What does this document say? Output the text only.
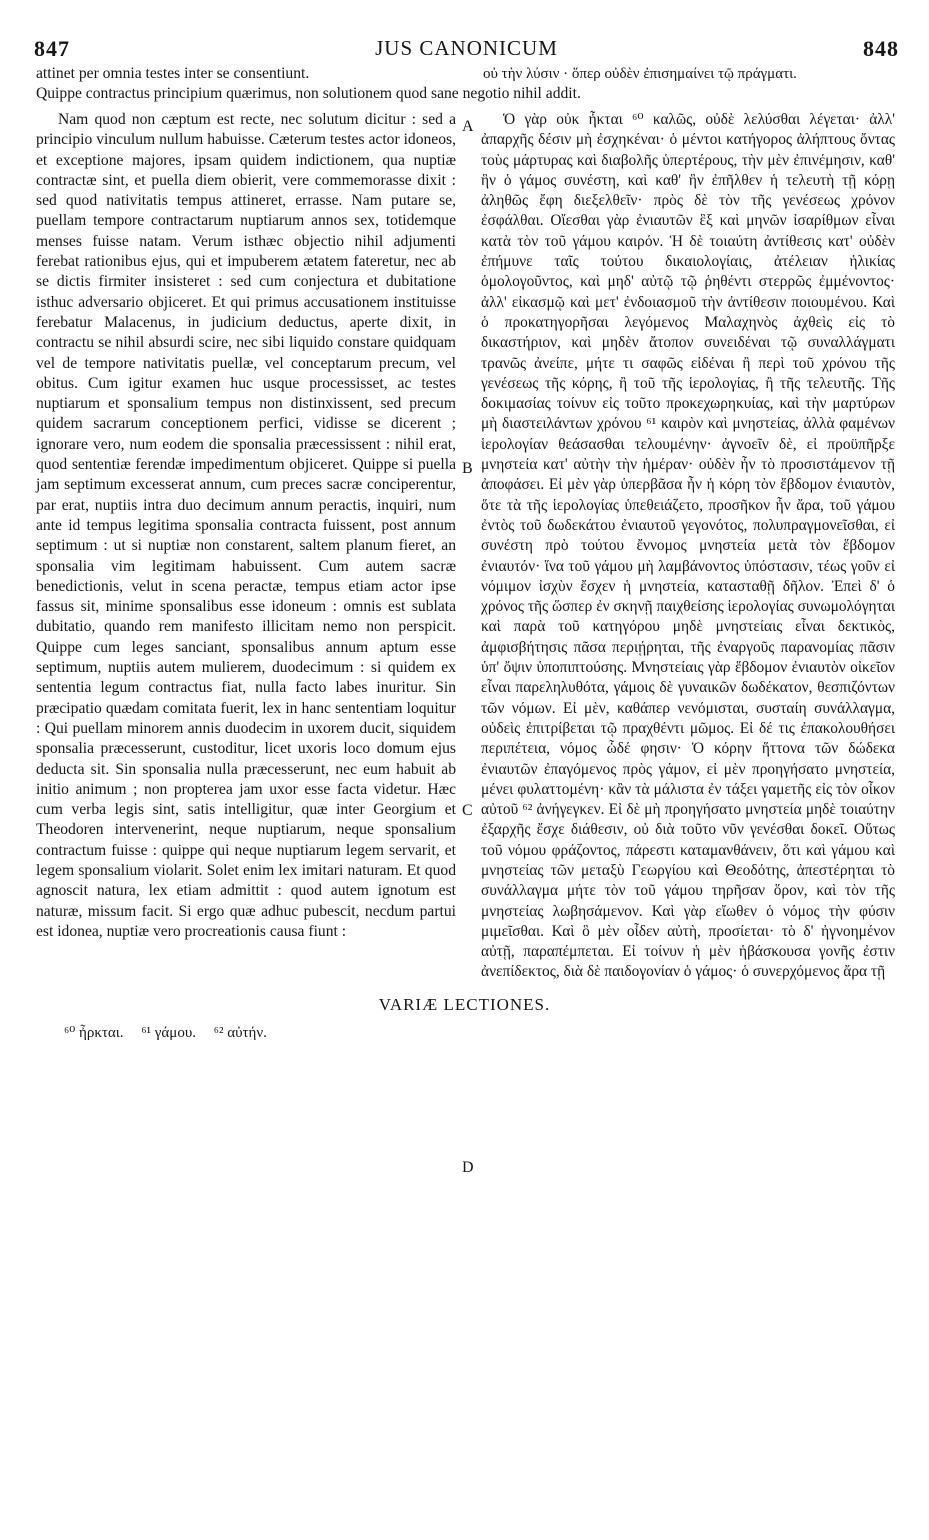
847	JUS CANONICUM	848
attinet per omnia testes inter se consentiunt.	οὐ τὴν λύσιν · ὅπερ οὐδὲν ἐπισημαίνει τῷ πράγματι.
Quippe contractus principium quærimus, non solutionem quod sane negotio nihil addit.

Nam quod non cæptum est recte, nec solutum dicitur : sed a principio vinculum nullum habuisse. Cæterum testes actor idoneos, et exceptione majores, ipsam quidem indictionem, qua nuptiæ contractæ sint, et puella diem obierit, vere commemorasse dixit : sed quod nativitatis tempus attineret, errasse. Nam putare se, puellam tempore contractarum nuptiarum annos sex, totidemque menses fuisse natam. Verum isthæc objectio nihil adjumenti ferebat rationibus ejus, qui et impuberem ætatem fateretur, nec ab se dictis firmiter insisteret : sed cum conjectura et dubitatione isthuc adversario objiceret. Et qui primus accusationem instituisse ferebatur Malacenus, in judicium deductus, aperte dixit, in contractu se nihil absurdi scire, nec sibi liquido constare quidquam vel de tempore nativitatis puellæ, vel conceptarum precum, vel obitus. Cum igitur examen huc usque processisset, ac testes nuptiarum et sponsalium tempus non distinxissent, sed precum quidem sacrarum conceptionem perfici, vidisse se dicerent ; ignorare vero, num eodem die sponsalia præcessissent : nihil erat, quod sententiæ ferendæ impedimentum objiceret. Quippe si puella jam septimum excesserat annum, cum preces sacræ conciperentur, par erat, nuptiis intra duo decimum annum peractis, inquiri, num ante id tempus legitima sponsalia contracta fuissent, post annum septimum : ut si nuptiæ non constarent, saltem planum fieret, an sponsalia vim legitimam habuissent. Cum autem sacræ benedictionis, velut in scena peractæ, tempus etiam actor ipse fassus sit, minime sponsalibus esse idoneum : omnis est sublata dubitatio, quando rem manifesto illicitam nemo non perspicit. Quippe cum leges sanciant, sponsalibus annum aptum esse septimum, nuptiis autem mulierem, duodecimum : si quidem ex sententia legum contractus fiat, nulla facto labes inuritur. Sin præcipatio quædam comitata fuerit, lex in hanc sententiam loquitur : Qui puellam minorem annis duodecim in uxorem ducit, siquidem sponsalia præcesserunt, custoditur, licet uxoris loco domum ejus deducta sit. Sin sponsalia nulla præcesserunt, nec eum habuit ab initio animum ; non propterea jam uxor esse facta videtur. Hæc cum verba legis sint, satis intelligitur, quæ inter Georgium et Theodoren intervenerint, neque nuptiarum, neque sponsalium contractum fuisse : quippe qui neque nuptiarum legem servarit, et legem sponsalium violarit. Solet enim lex imitari naturam. Et quod agnoscit natura, lex etiam admittit : quod autem ignotum est naturæ, missum facit. Si ergo quæ adhuc pubescit, necdum partui est idonea, nuptiæ vero procreationis causa fiunt :

Ὁ γὰρ οὐκ ἦκται ⁶⁰ καλῶς, οὐδὲ λελύσθαι λέγεται· ἀλλ' ἀπαρχῆς δέσιν μὴ ἐσχηκέναι· ὁ μέντοι κατήγορος ἀλήπτους ὄντας τοὺς μάρτυρας καὶ διαβολῆς ὑπερτέρους, τὴν μὲν ἐπινέμησιν, καθ' ἣν ὁ γάμος συνέστη, καὶ καθ' ἣν ἐπῆλθεν ἡ τελευτὴ τῇ κόρῃ ἀληθῶς ἔφη διεξελθεῖν· πρὸς δὲ τὸν τῆς γενέσεως χρόνον ἐσφάλθαι. Οἴεσθαι γὰρ ἐνιαυτῶν ἓξ καὶ μηνῶν ἰσαρίθμων εἶναι κατὰ τὸν τοῦ γάμου καιρόν. Ἡ δὲ τοιαύτη ἀντίθεσις κατ' οὐδὲν ἐπήμυνε ταῖς τούτου δικαιολογίαις, ἀτέλειαν ἡλικίας ὁμολογοῦντος, καὶ μηδ' αὐτῷ τῷ ῥηθέντι στερρῶς ἐμμένοντος· ἀλλ' εἰκασμῷ καὶ μετ' ἐνδοιασμοῦ τὴν ἀντίθεσιν ποιουμένου. Καὶ ὁ προκατηγορῆσαι λεγόμενος Μαλαχηνὸς ἀχθεὶς εἰς τὸ δικαστήριον, καὶ μηδὲν ἄτοπον συνειδέναι τῷ συναλλάγματι τρανῶς ἀνείπε, μήτε τι σαφῶς εἰδέναι ἢ περὶ τοῦ χρόνου τῆς γενέσεως τῆς κόρης, ἢ τοῦ τῆς ἱερολογίας, ἢ τῆς τελευτῆς. Τῆς δοκιμασίας τοίνυν εἰς τοῦτο προκεχωρηκυίας, καὶ τὴν μαρτύρων μὴ διαστειλάντων χρόνου ⁶¹ καιρὸν καὶ μνηστείας, ἀλλὰ φαμένων ἱερολογίαν θεάσασθαι τελουμένην· ἀγνοεῖν δὲ, εἰ προϋπῆρξε μνηστεία κατ' αὐτὴν τὴν ἡμέραν· οὐδὲν ἦν τὸ προσιστάμενον τῇ ἀποφάσει. Εἰ μὲν γὰρ ὑπερβᾶσα ἦν ἡ κόρη τὸν ἕβδομον ἐνιαυτὸν, ὅτε τὰ τῆς ἱερολογίας ὑπεθειάζετο, προσῆκον ἦν ἄρα, τοῦ γάμου ἐντὸς τοῦ δωδεκάτου ἐνιαυτοῦ γεγονότος, πολυπραγμονεῖσθαι, εἰ συνέστη πρὸ τούτου ἔννομος μνηστεία μετὰ τὸν ἕβδομον ἐνιαυτόν· ἵνα τοῦ γάμου μὴ λαμβάνοντος ὑπόστασιν, τέως γοῦν εἰ νόμιμον ἰσχὺν ἔσχεν ἡ μνηστεία, κατασταθῇ δῆλον. Ἐπεὶ δ' ὁ χρόνος τῆς ὥσπερ ἐν σκηνῇ παιχθείσης ἱερολογίας συνωμολόγηται καὶ παρὰ τοῦ κατηγόρου μηδὲ μνηστείαις εἶναι δεκτικὸς, ἀμφισβήτησις πᾶσα περιῄρηται, τῆς ἐναργοῦς παρανομίας πᾶσιν ὑπ' ὄψιν ὑποπιπτούσης. Μνηστείαις γὰρ ἕβδομον ἐνιαυτὸν οἰκεῖον εἶναι παρεληλυθότα, γάμοις δὲ γυναικῶν δωδέκατον, θεσπιζόντων τῶν νόμων. Εἰ μὲν, καθάπερ νενόμισται, συσταίη συνάλλαγμα, οὐδεὶς ἐπιτρίβεται τῷ πραχθέντι μῶμος. Εἰ δέ τις ἐπακολουθήσει περιπέτεια, νόμος ὧδέ φησιν· Ὁ κόρην ἥττονα τῶν δώδεκα ἐνιαυτῶν ἐπαγόμενος πρὸς γάμον, εἰ μὲν προηγήσατο μνηστεία, μένει φυλαττομένη· κἂν τὰ μάλιστα ἐν τάξει γαμετῆς εἰς τὸν οἶκον αὐτοῦ ⁶² ἀνήγεγκεν. Εἰ δὲ μὴ προηγήσατο μνηστεία μηδὲ τοιαύτην ἐξαρχῆς ἔσχε διάθεσιν, οὐ διὰ τοῦτο νῦν γενέσθαι δοκεῖ. Οὕτως τοῦ νόμου φράζοντος, πάρεστι καταμανθάνειν, ὅτι καὶ γάμου καὶ μνηστείας τῶν μεταξὺ Γεωργίου καὶ Θεοδότης, ἀπεστέρηται τὸ συνάλλαγμα μήτε τὸν τοῦ γάμου τηρῆσαν ὅρον, καὶ τὸν τῆς μνηστείας λωβησάμενον. Καὶ γὰρ εἴωθεν ὁ νόμος τὴν φύσιν μιμεῖσθαι. Καὶ ὃ μὲν οἶδεν αὐτὴ, προσίεται· τὸ δ' ἠγνοημένον αὐτῇ, παραπέμπεται. Εἰ τοίνυν ἡ μὲν ἡβάσκουσα γονῆς ἐστιν ἀνεπίδεκτος, διὰ δὲ παιδογονίαν ὁ γάμος· ὁ συνερχόμενος ἄρα τῇ

A
B
C
D
VARIÆ LECTIONES.
⁶⁰ ἦρκται. ⁶¹ γάμου. ⁶² αὐτήν.
